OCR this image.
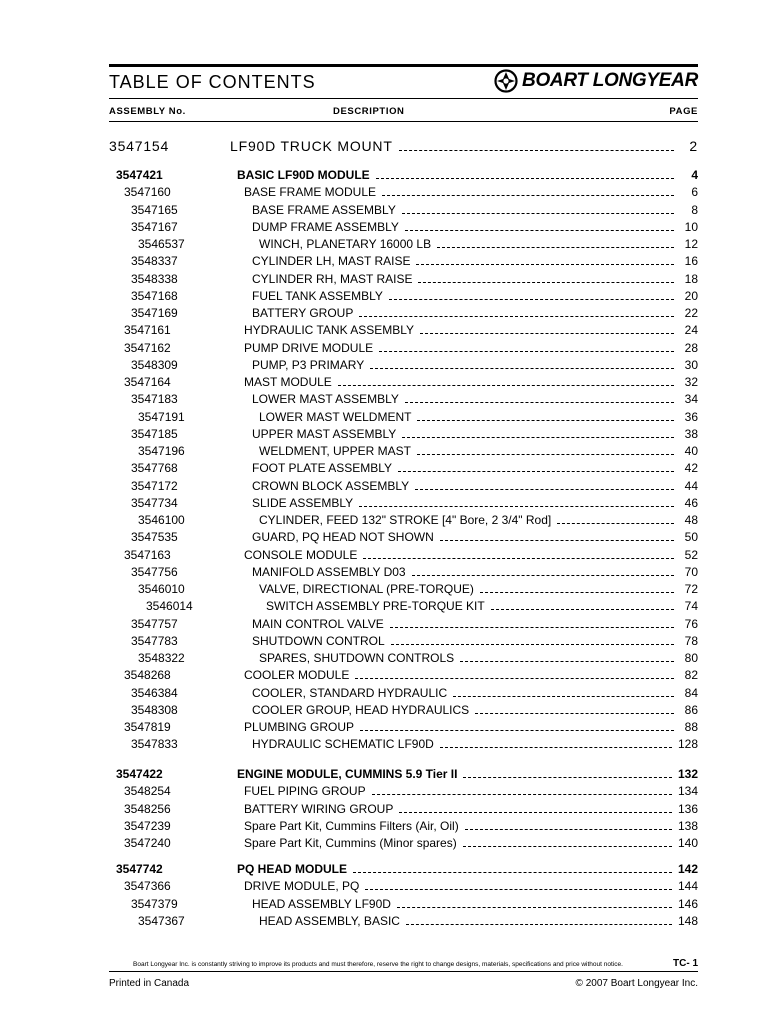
TABLE OF CONTENTS	BOART LONGYEAR
ASSEMBLY No.	DESCRIPTION	PAGE
3547154	LF90D TRUCK MOUNT	2
3547421	BASIC LF90D MODULE	4
3547160	BASE FRAME MODULE	6
3547165	BASE FRAME ASSEMBLY	8
3547167	DUMP FRAME ASSEMBLY	10
3546537	WINCH, PLANETARY 16000 LB	12
3548337	CYLINDER LH, MAST RAISE	16
3548338	CYLINDER RH, MAST RAISE	18
3547168	FUEL TANK ASSEMBLY	20
3547169	BATTERY GROUP	22
3547161	HYDRAULIC TANK ASSEMBLY	24
3547162	PUMP DRIVE MODULE	28
3548309	PUMP, P3 PRIMARY	30
3547164	MAST MODULE	32
3547183	LOWER MAST ASSEMBLY	34
3547191	LOWER MAST WELDMENT	36
3547185	UPPER MAST ASSEMBLY	38
3547196	WELDMENT, UPPER MAST	40
3547768	FOOT PLATE ASSEMBLY	42
3547172	CROWN BLOCK ASSEMBLY	44
3547734	SLIDE ASSEMBLY	46
3546100	CYLINDER, FEED 132" STROKE [4" Bore, 2 3/4" Rod]	48
3547535	GUARD, PQ HEAD NOT SHOWN	50
3547163	CONSOLE MODULE	52
3547756	MANIFOLD ASSEMBLY D03	70
3546010	VALVE, DIRECTIONAL (PRE-TORQUE)	72
3546014	SWITCH ASSEMBLY PRE-TORQUE KIT	74
3547757	MAIN CONTROL VALVE	76
3547783	SHUTDOWN CONTROL	78
3548322	SPARES, SHUTDOWN CONTROLS	80
3548268	COOLER MODULE	82
3546384	COOLER, STANDARD HYDRAULIC	84
3548308	COOLER GROUP, HEAD HYDRAULICS	86
3547819	PLUMBING GROUP	88
3547833	HYDRAULIC SCHEMATIC LF90D	128
3547422	ENGINE MODULE, CUMMINS 5.9 Tier II	132
3548254	FUEL PIPING GROUP	134
3548256	BATTERY WIRING GROUP	136
3547239	Spare Part Kit, Cummins Filters (Air, Oil)	138
3547240	Spare Part Kit, Cummins (Minor spares)	140
3547742	PQ HEAD MODULE	142
3547366	DRIVE MODULE, PQ	144
3547379	HEAD ASSEMBLY LF90D	146
3547367	HEAD ASSEMBLY, BASIC	148
Boart Longyear Inc. is constantly striving to improve its products and must therefore, reserve the right to change designs, materials, specifications and price without notice.	TC- 1
Printed in Canada	© 2007 Boart Longyear Inc.
